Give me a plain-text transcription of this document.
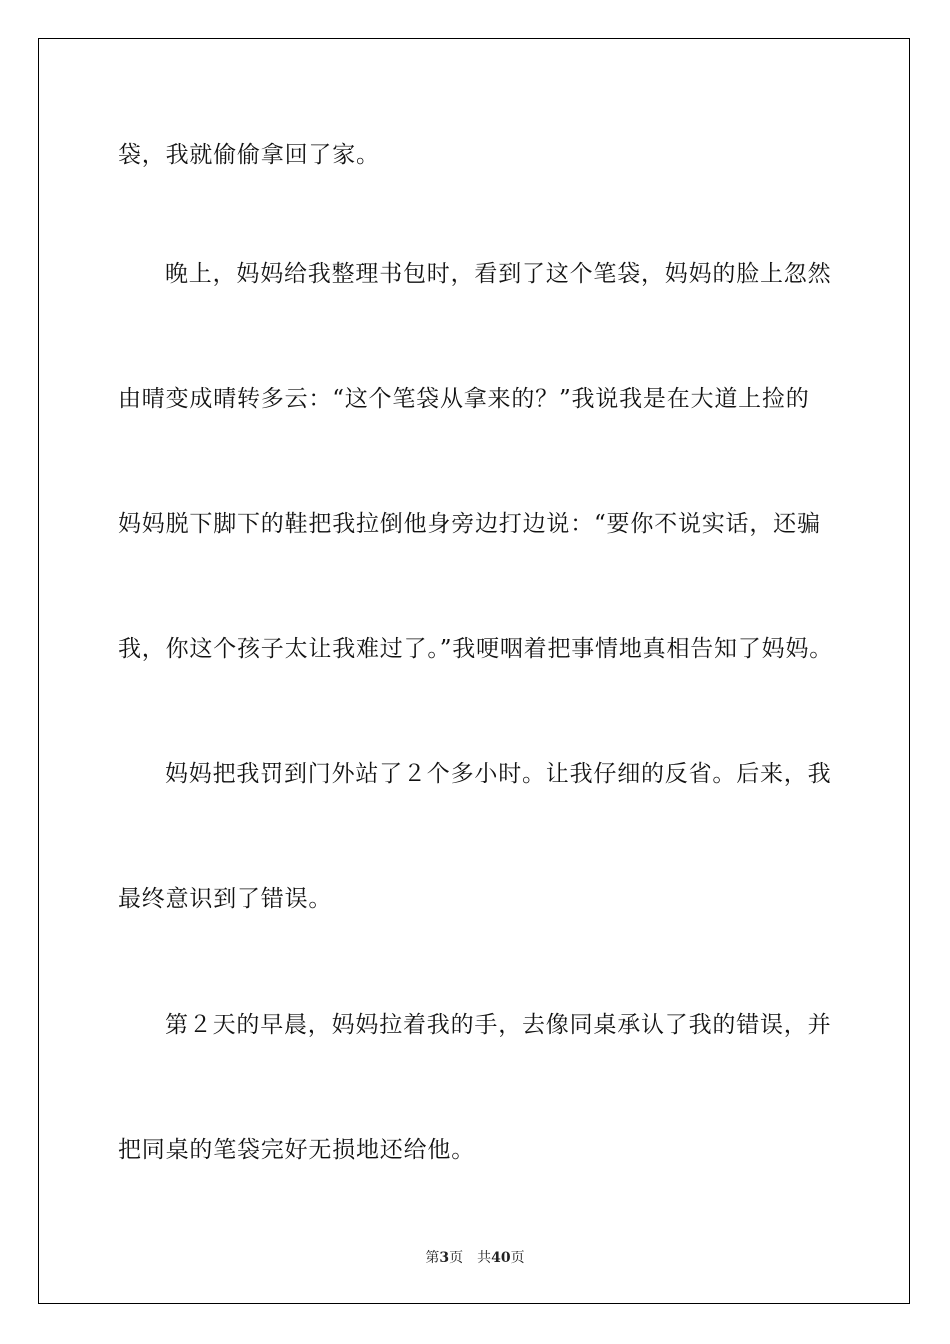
袋，我就偷偷拿回了家。
晚上，妈妈给我整理书包时，看到了这个笔袋，妈妈的脸上忽然
由晴变成晴转多云：“这个笔袋从拿来的？”我说我是在大道上捡的
妈妈脱下脚下的鞋把我拉倒他身旁边打边说：“要你不说实话，还骗
我，你这个孩子太让我难过了。”我哽咽着把事情地真相告知了妈妈。
妈妈把我罚到门外站了２个多小时。让我仔细的反省。后来，我
最终意识到了错误。
第２天的早晨，妈妈拉着我的手，去像同桌承认了我的错误，并
把同桌的笔袋完好无损地还给他。
第3页 共40页
